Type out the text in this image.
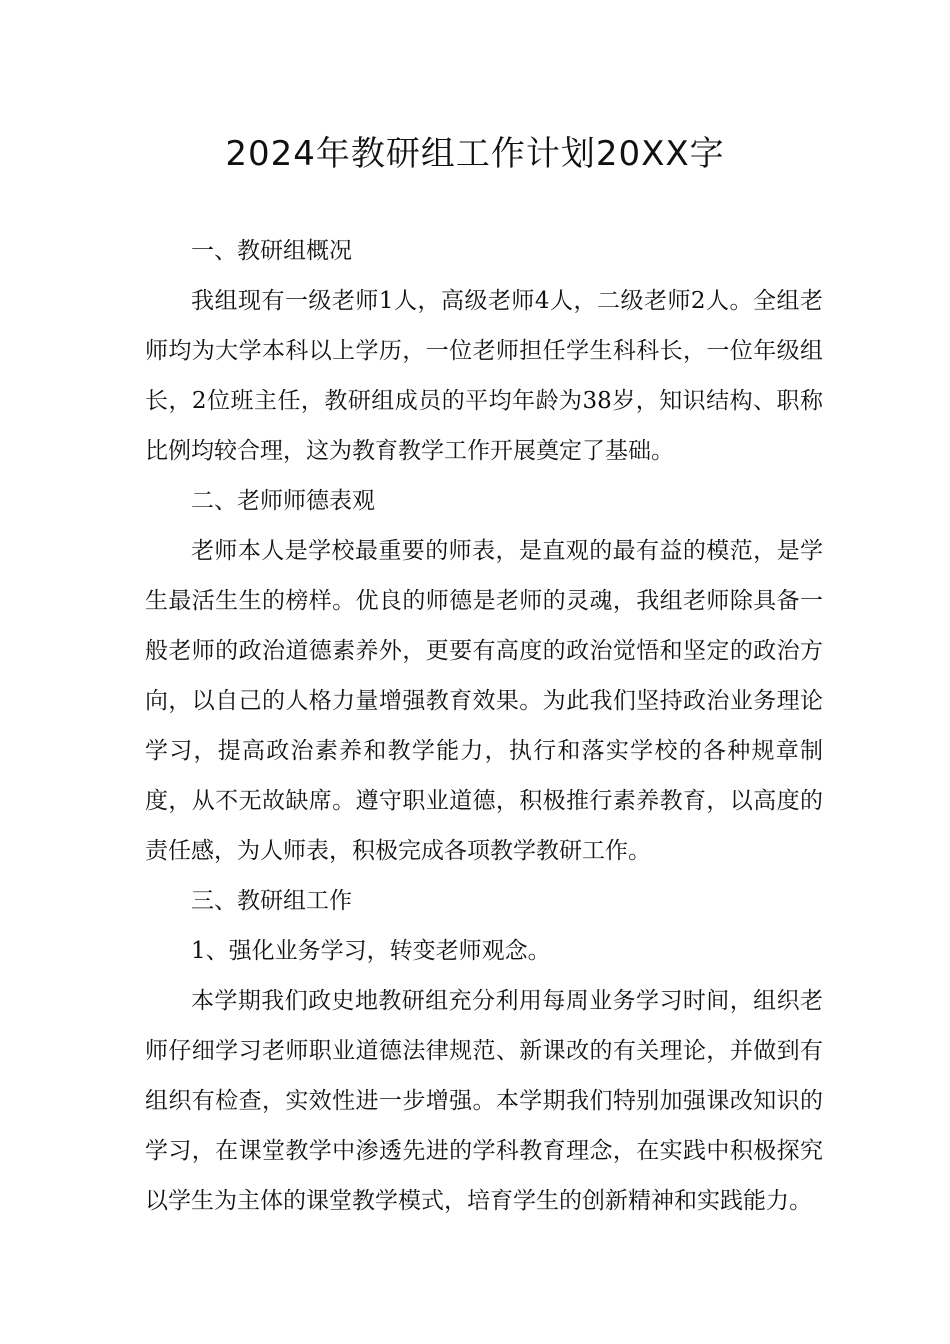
2024年教研组工作计划20XX字

一、教研组概况

我组现有一级老师1人，高级老师4人，二级老师2人。全组老师均为大学本科以上学历，一位老师担任学生科科长，一位年级组长，2位班主任，教研组成员的平均年龄为38岁，知识结构、职称比例均较合理，这为教育教学工作开展奠定了基础。

二、老师师德表观

老师本人是学校最重要的师表，是直观的最有益的模范，是学生最活生生的榜样。优良的师德是老师的灵魂，我组老师除具备一般老师的政治道德素养外，更要有高度的政治觉悟和坚定的政治方向，以自己的人格力量增强教育效果。为此我们坚持政治业务理论学习，提高政治素养和教学能力，执行和落实学校的各种规章制度，从不无故缺席。遵守职业道德，积极推行素养教育，以高度的责任感，为人师表，积极完成各项教学教研工作。

三、教研组工作

1、强化业务学习，转变老师观念。

本学期我们政史地教研组充分利用每周业务学习时间，组织老师仔细学习老师职业道德法律规范、新课改的有关理论，并做到有组织有检查，实效性进一步增强。本学期我们特别加强课改知识的学习，在课堂教学中渗透先进的学科教育理念，在实践中积极探究以学生为主体的课堂教学模式，培育学生的创新精神和实践能力。
